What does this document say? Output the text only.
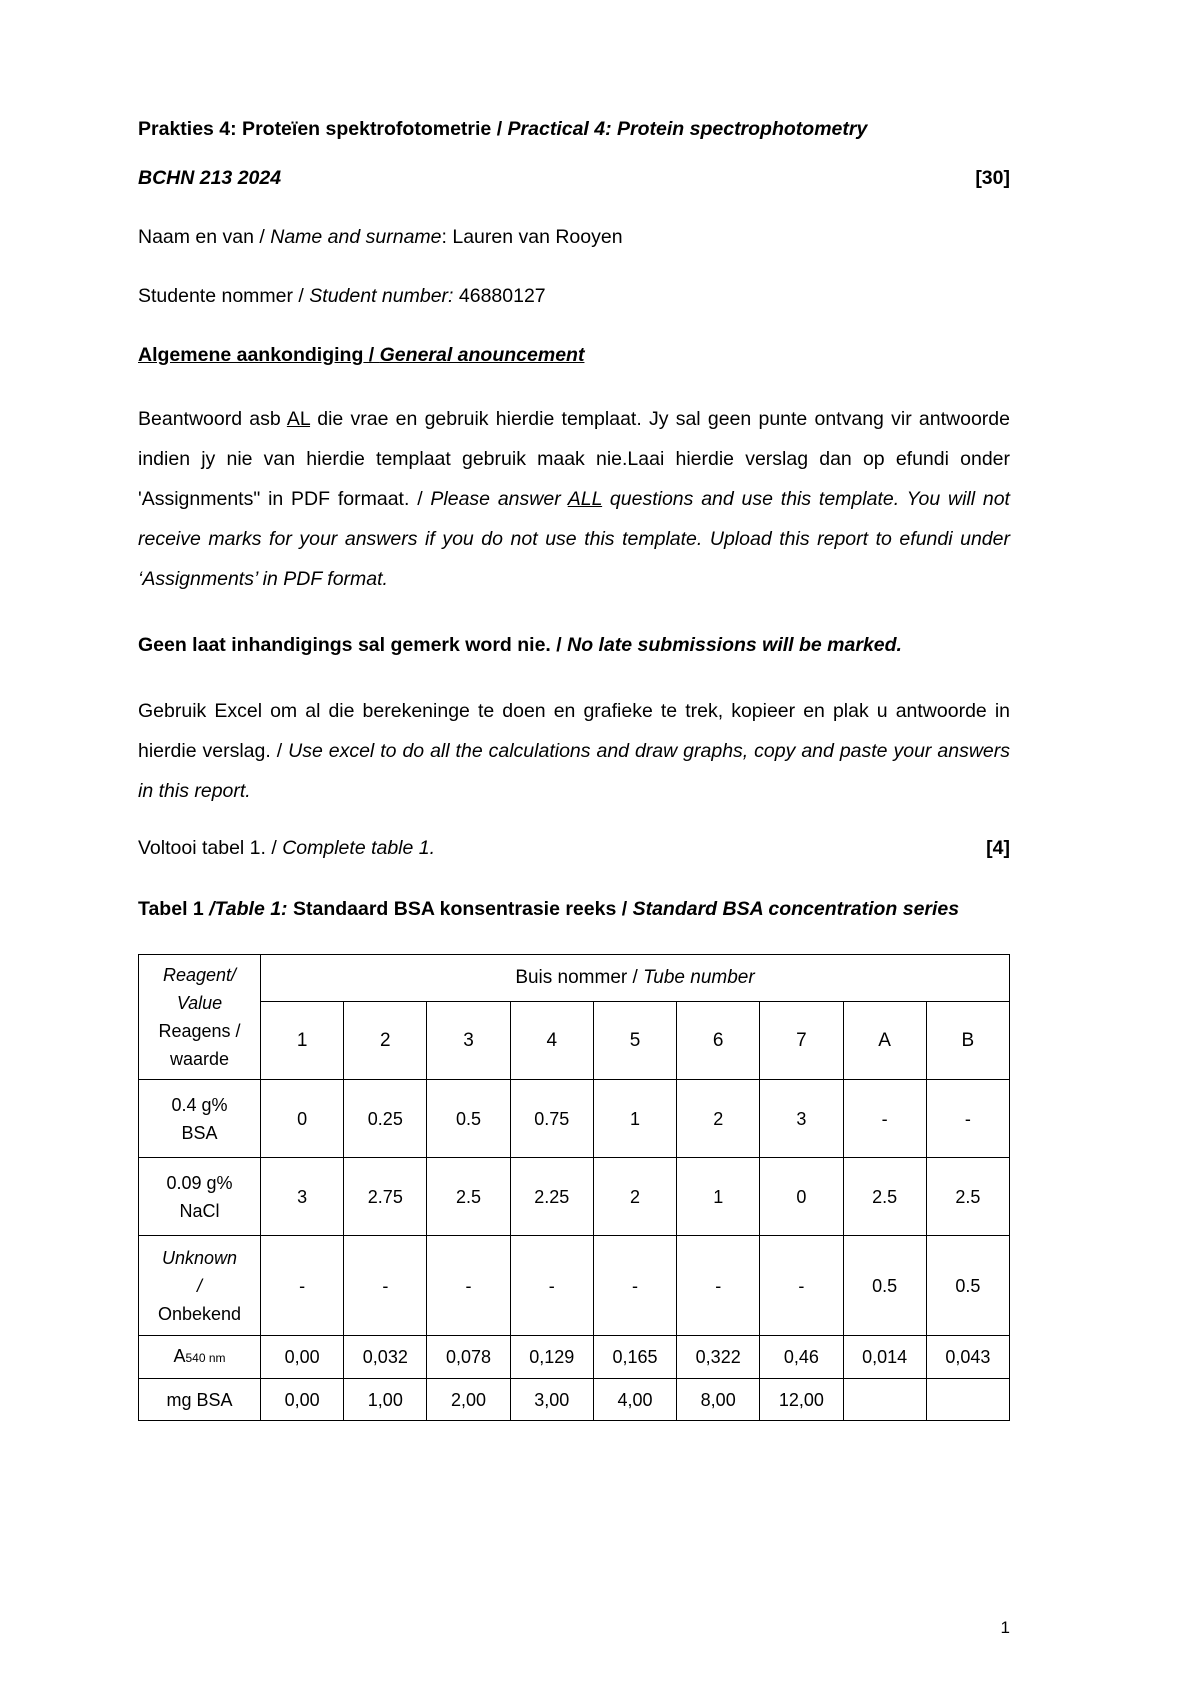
Prakties 4: Proteïen spektrofotometrie / Practical 4: Protein spectrophotometry
BCHN 213 2024	[30]
Naam en van / Name and surname: Lauren van Rooyen
Studente nommer / Student number: 46880127
Algemene aankondiging / General anouncement

Beantwoord asb AL die vrae en gebruik hierdie templaat. Jy sal geen punte ontvang vir antwoorde indien jy nie van hierdie templaat gebruik maak nie.Laai hierdie verslag dan op efundi onder 'Assignments" in PDF formaat. / Please answer ALL questions and use this template. You will not receive marks for your answers if you do not use this template. Upload this report to efundi under ‘Assignments’ in PDF format.

Geen laat inhandigings sal gemerk word nie. / No late submissions will be marked.

Gebruik Excel om al die berekeninge te doen en grafieke te trek, kopieer en plak u antwoorde in hierdie verslag. / Use excel to do all the calculations and draw graphs, copy and paste your answers in this report.

Voltooi tabel 1. / Complete table 1.	[4]
Tabel 1 /Table 1: Standaard BSA konsentrasie reeks / Standard BSA concentration series
Reagent/
Value
Reagens /
waarde	Buis nommer / Tube number								
	1	2	3	4	5	6	7	A	B
0.4 g%
BSA	0	0.25	0.5	0.75	1	2	3	-	-
0.09 g%
NaCl	3	2.75	2.5	2.25	2	1	0	2.5	2.5
Unknown
/
Onbekend	-	-	-	-	-	-	-	0.5	0.5
A540 nm	0,00	0,032	0,078	0,129	0,165	0,322	0,46	0,014	0,043
mg BSA	0,00	1,00	2,00	3,00	4,00	8,00	12,00		
1
